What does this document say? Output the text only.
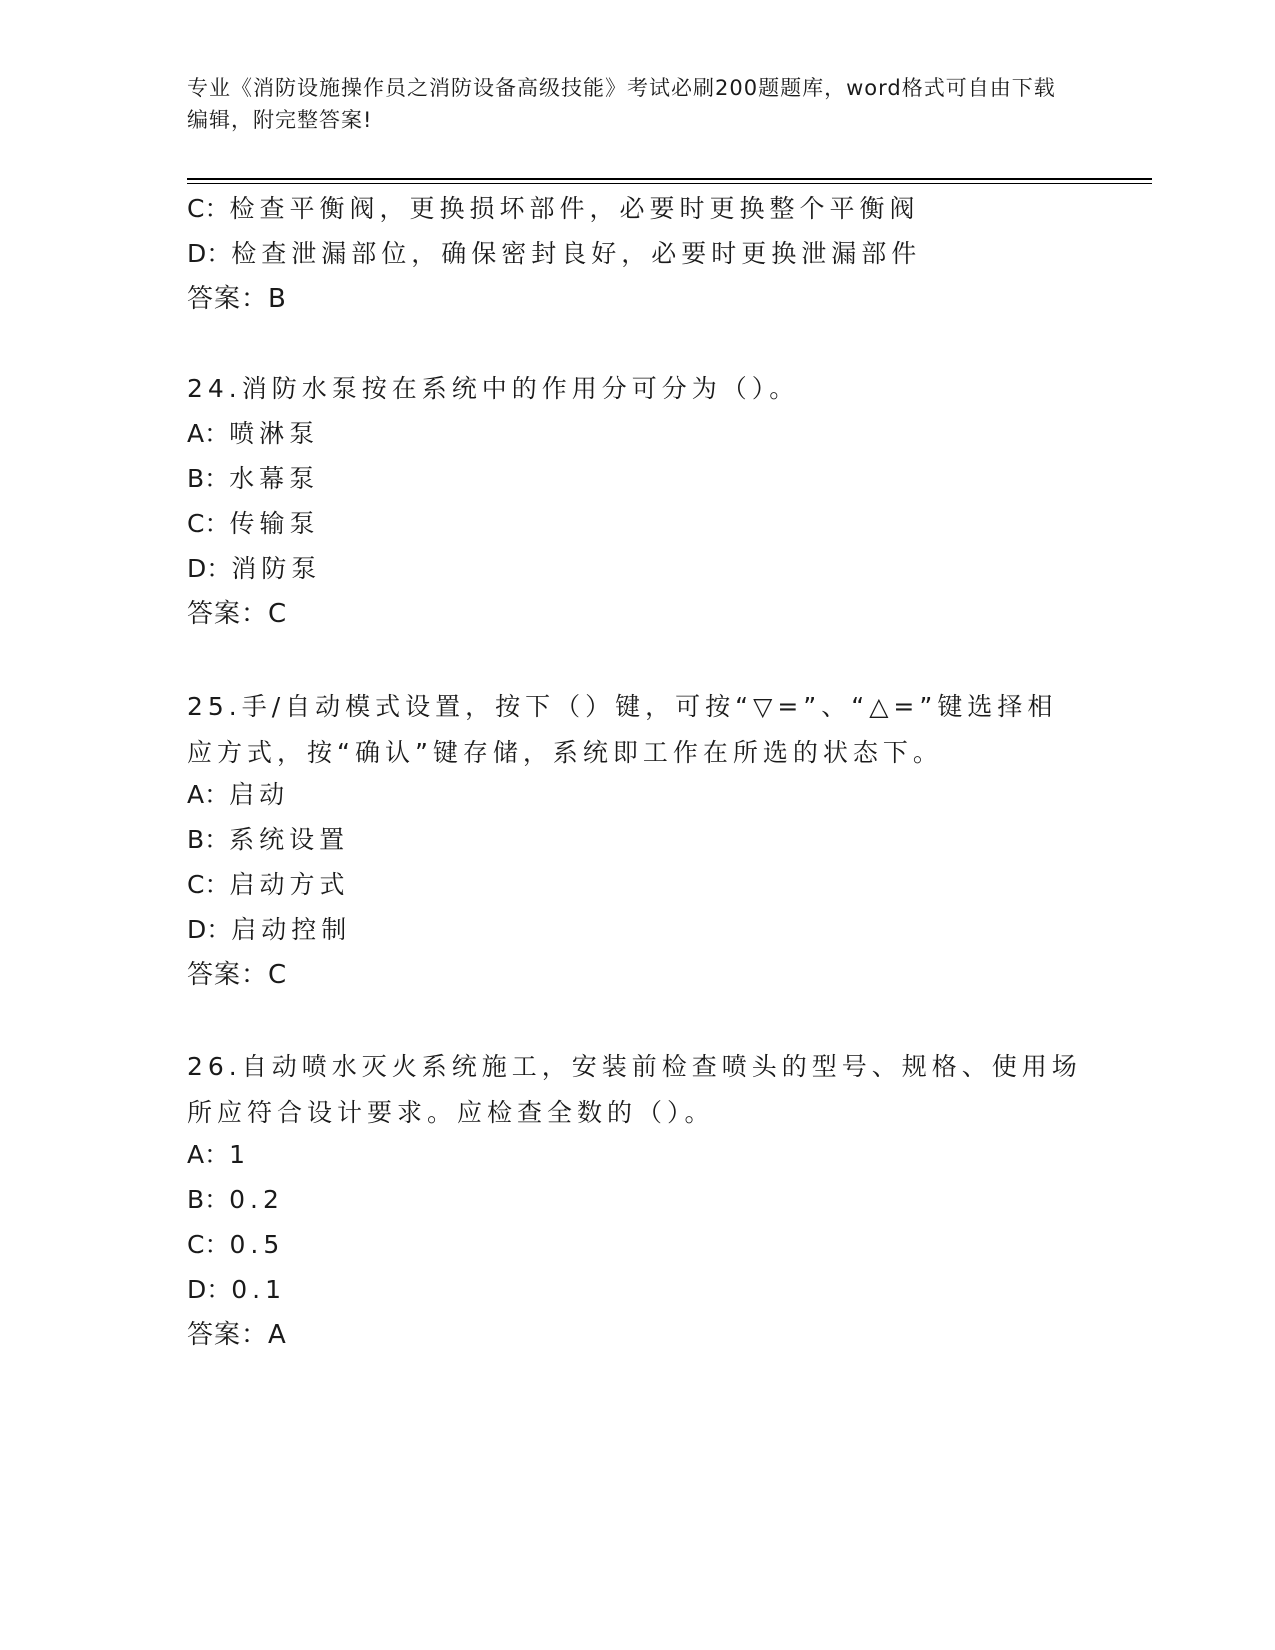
专业《消防设施操作员之消防设备高级技能》考试必刷200题题库，word格式可自由下载编辑，附完整答案!
C：检查平衡阀，更换损坏部件，必要时更换整个平衡阀
D：检查泄漏部位，确保密封良好，必要时更换泄漏部件
答案：B
24.消防水泵按在系统中的作用分可分为（）。
A：喷淋泵
B：水幕泵
C：传输泵
D：消防泵
答案：C
25.手/自动模式设置，按下（）键，可按“▽=”、“△=”键选择相应方式，按“确认”键存储，系统即工作在所选的状态下。
A：启动
B：系统设置
C：启动方式
D：启动控制
答案：C
26.自动喷水灭火系统施工，安装前检查喷头的型号、规格、使用场所应符合设计要求。应检查全数的（）。
A：1
B：0.2
C：0.5
D：0.1
答案：A
